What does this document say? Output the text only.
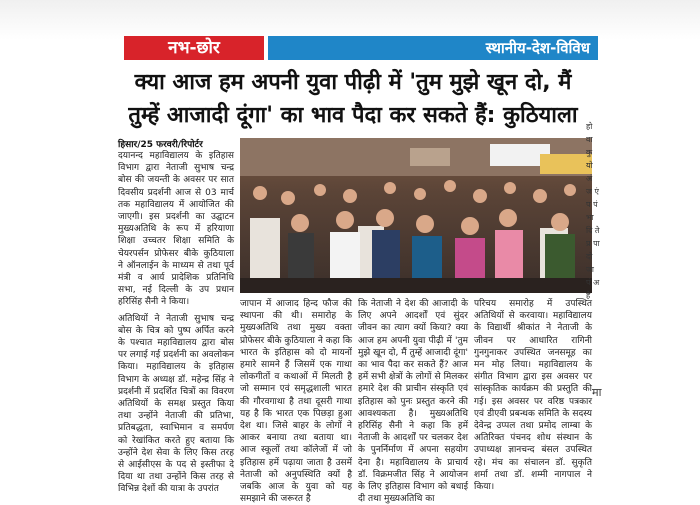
नभ-छोर	स्थानीय-देश-विविध
क्या आज हम अपनी युवा पीढ़ी में 'तुम मुझे खून दो, मैं
तुम्हें आजादी दूंगा' का भाव पैदा कर सकते हैं: कुठियाला
हिसार/25 फरवरी/रिपोर्टर
दयानन्द महाविद्यालय के इतिहास विभाग द्वारा नेताजी सुभाष चन्द्र बोस की जयन्ती के अवसर पर सात दिवसीय प्रदर्शनी आज से 03 मार्च तक महाविद्यालय में आयोजित की जाएगी। इस प्रदर्शनी का उद्घाटन मुख्यअतिथि के रूप में हरियाणा शिक्षा उच्चतर शिक्षा समिति के चेयरपर्सन प्रोफेसर बीके कुठियाला ने ऑनलाईन के माध्यम से तथा पूर्व मंत्री व आर्य प्रादेशिक प्रतिनिधि सभा, नई दिल्ली के उप प्रधान हरिसिंह सैनी ने किया।
अतिथियों ने नेताजी सुभाष चन्द्र बोस के चित्र को पुष्प अर्पित करने के पश्चात महाविद्यालय द्वारा बोस पर लगाई गई प्रदर्शनी का अवलोकन किया। महाविद्यालय के इतिहास विभाग के अध्यक्ष डॉ. महेन्द्र सिंह ने प्रदर्शनी में प्रदर्शित चित्रों का विवरण अतिथियों के समक्ष प्रस्तुत किया तथा उन्होंने नेताजी की प्रतिभा, प्रतिबद्धता, स्वाभिमान व समर्पण को रेखांकित करते हुए बताया कि उन्होंने देश सेवा के लिए किस तरह से आईसीएस के पद से इस्तीफा दे दिया था तथा उन्होंने किस तरह से विभिन्न देशों की यात्रा के उपरांत
जापान में आजाद हिन्द फौज की स्थापना की थी। समारोह के मुख्यअतिथि तथा मुख्य वक्ता प्रोफेसर बीके कुठियाला ने कहा कि भारत के इतिहास को दो मायनों हमारे सामने हैं जिसमें एक गाथा लोकगीतों व कथाओं में मिलती है जो सम्मान एवं समृद्धशाली भारत की गौरवगाथा है तथा दूसरी गाथा यह है कि भारत एक पिछड़ा हुआ देश था। जिसे बाहर के लोगों ने आकर बनाया तथा बताया था। आज स्कूलों तथा कॉलेजों में जो इतिहास हमें पढ़ाया जाता है उसमें नेताजी को अनुपस्थिति क्यों है जबकि आज के युवा को यह समझाने की जरूरत है
कि नेताजी ने देश की आजादी के लिए अपने आदर्शों एवं सुंदर जीवन का त्याग क्यों किया? क्या आज हम अपनी युवा पीढ़ी में 'तुम मुझे खून दो, मैं तुम्हें आजादी दूंगा' का भाव पैदा कर सकते हैं? आज हमें सभी क्षेत्रों के लोगों से मिलकर हमारे देश की प्राचीन संस्कृति एवं इतिहास को पुनः प्रस्तुत करने की आवश्यकता है। मुख्यअतिथि हरिसिंह सैनी ने कहा कि हमें नेताजी के आदर्शों पर चलकर देश के पुनर्निर्माण में अपना सहयोग देना है। महाविद्यालय के प्राचार्य डॉ. विक्रमजीत सिंह ने आयोजन के लिए इतिहास विभाग को बधाई दी तथा मुख्यअतिथि का
परिचय समारोह में उपस्थित अतिथियों से करवाया। महाविद्यालय के विद्यार्थी श्रीकांत ने नेताजी के जीवन पर आधारित रागिनी गुनगुनाकर उपस्थित जनसमूह का मन मोह लिया। महाविद्यालय के संगीत विभाग द्वारा इस अवसर पर सांस्कृतिक कार्यक्रम की प्रस्तुति की गई। इस अवसर पर वरिष्ठ पत्रकार एवं डीएवी प्रबन्धक समिति के सदस्य देवेन्द्र उप्पल तथा प्रमोद लाम्बा के अतिरिक्त पंचनद शोध संस्थान के उपाध्यक्ष ज्ञानचन्द बंसल उपस्थित रहे। मंच का संचालन डॉ. सुकृति शर्मा तथा डॉ. शम्मी नागपाल ने किया।
हो वा कु यो अं ज एं प पं भा दि ते प्र पा दो जा पं अ हे
मा
